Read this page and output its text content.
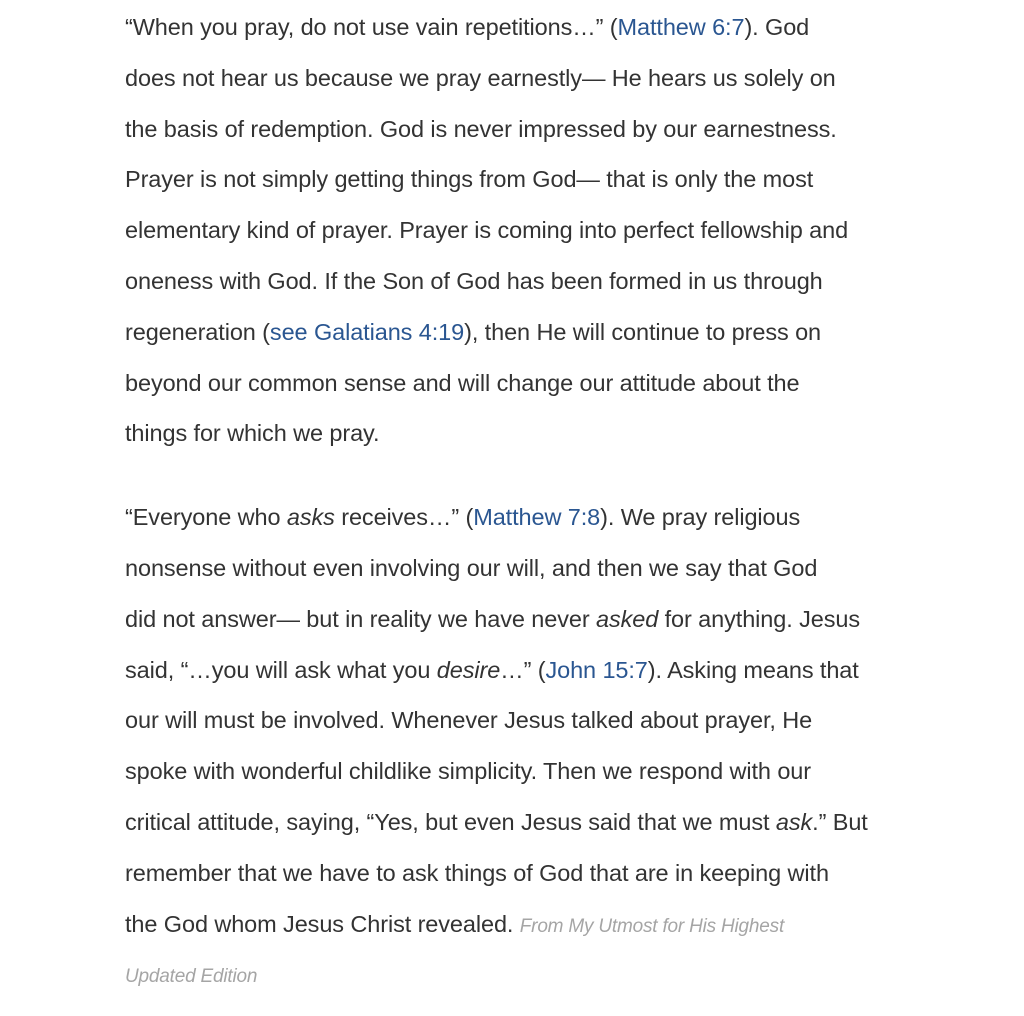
“When you pray, do not use vain repetitions…” (Matthew 6:7). God
does not hear us because we pray earnestly— He hears us solely on
the basis of redemption. God is never impressed by our earnestness.
Prayer is not simply getting things from God— that is only the most
elementary kind of prayer. Prayer is coming into perfect fellowship and
oneness with God. If the Son of God has been formed in us through
regeneration (see Galatians 4:19), then He will continue to press on
beyond our common sense and will change our attitude about the
things for which we pray.

“Everyone who asks receives…” (Matthew 7:8). We pray religious
nonsense without even involving our will, and then we say that God
did not answer— but in reality we have never asked for anything. Jesus
said, “…you will ask what you desire…” (John 15:7). Asking means that
our will must be involved. Whenever Jesus talked about prayer, He
spoke with wonderful childlike simplicity. Then we respond with our
critical attitude, saying, “Yes, but even Jesus said that we must ask.” But
remember that we have to ask things of God that are in keeping with
the God whom Jesus Christ revealed. From My Utmost for His Highest
Updated Edition
